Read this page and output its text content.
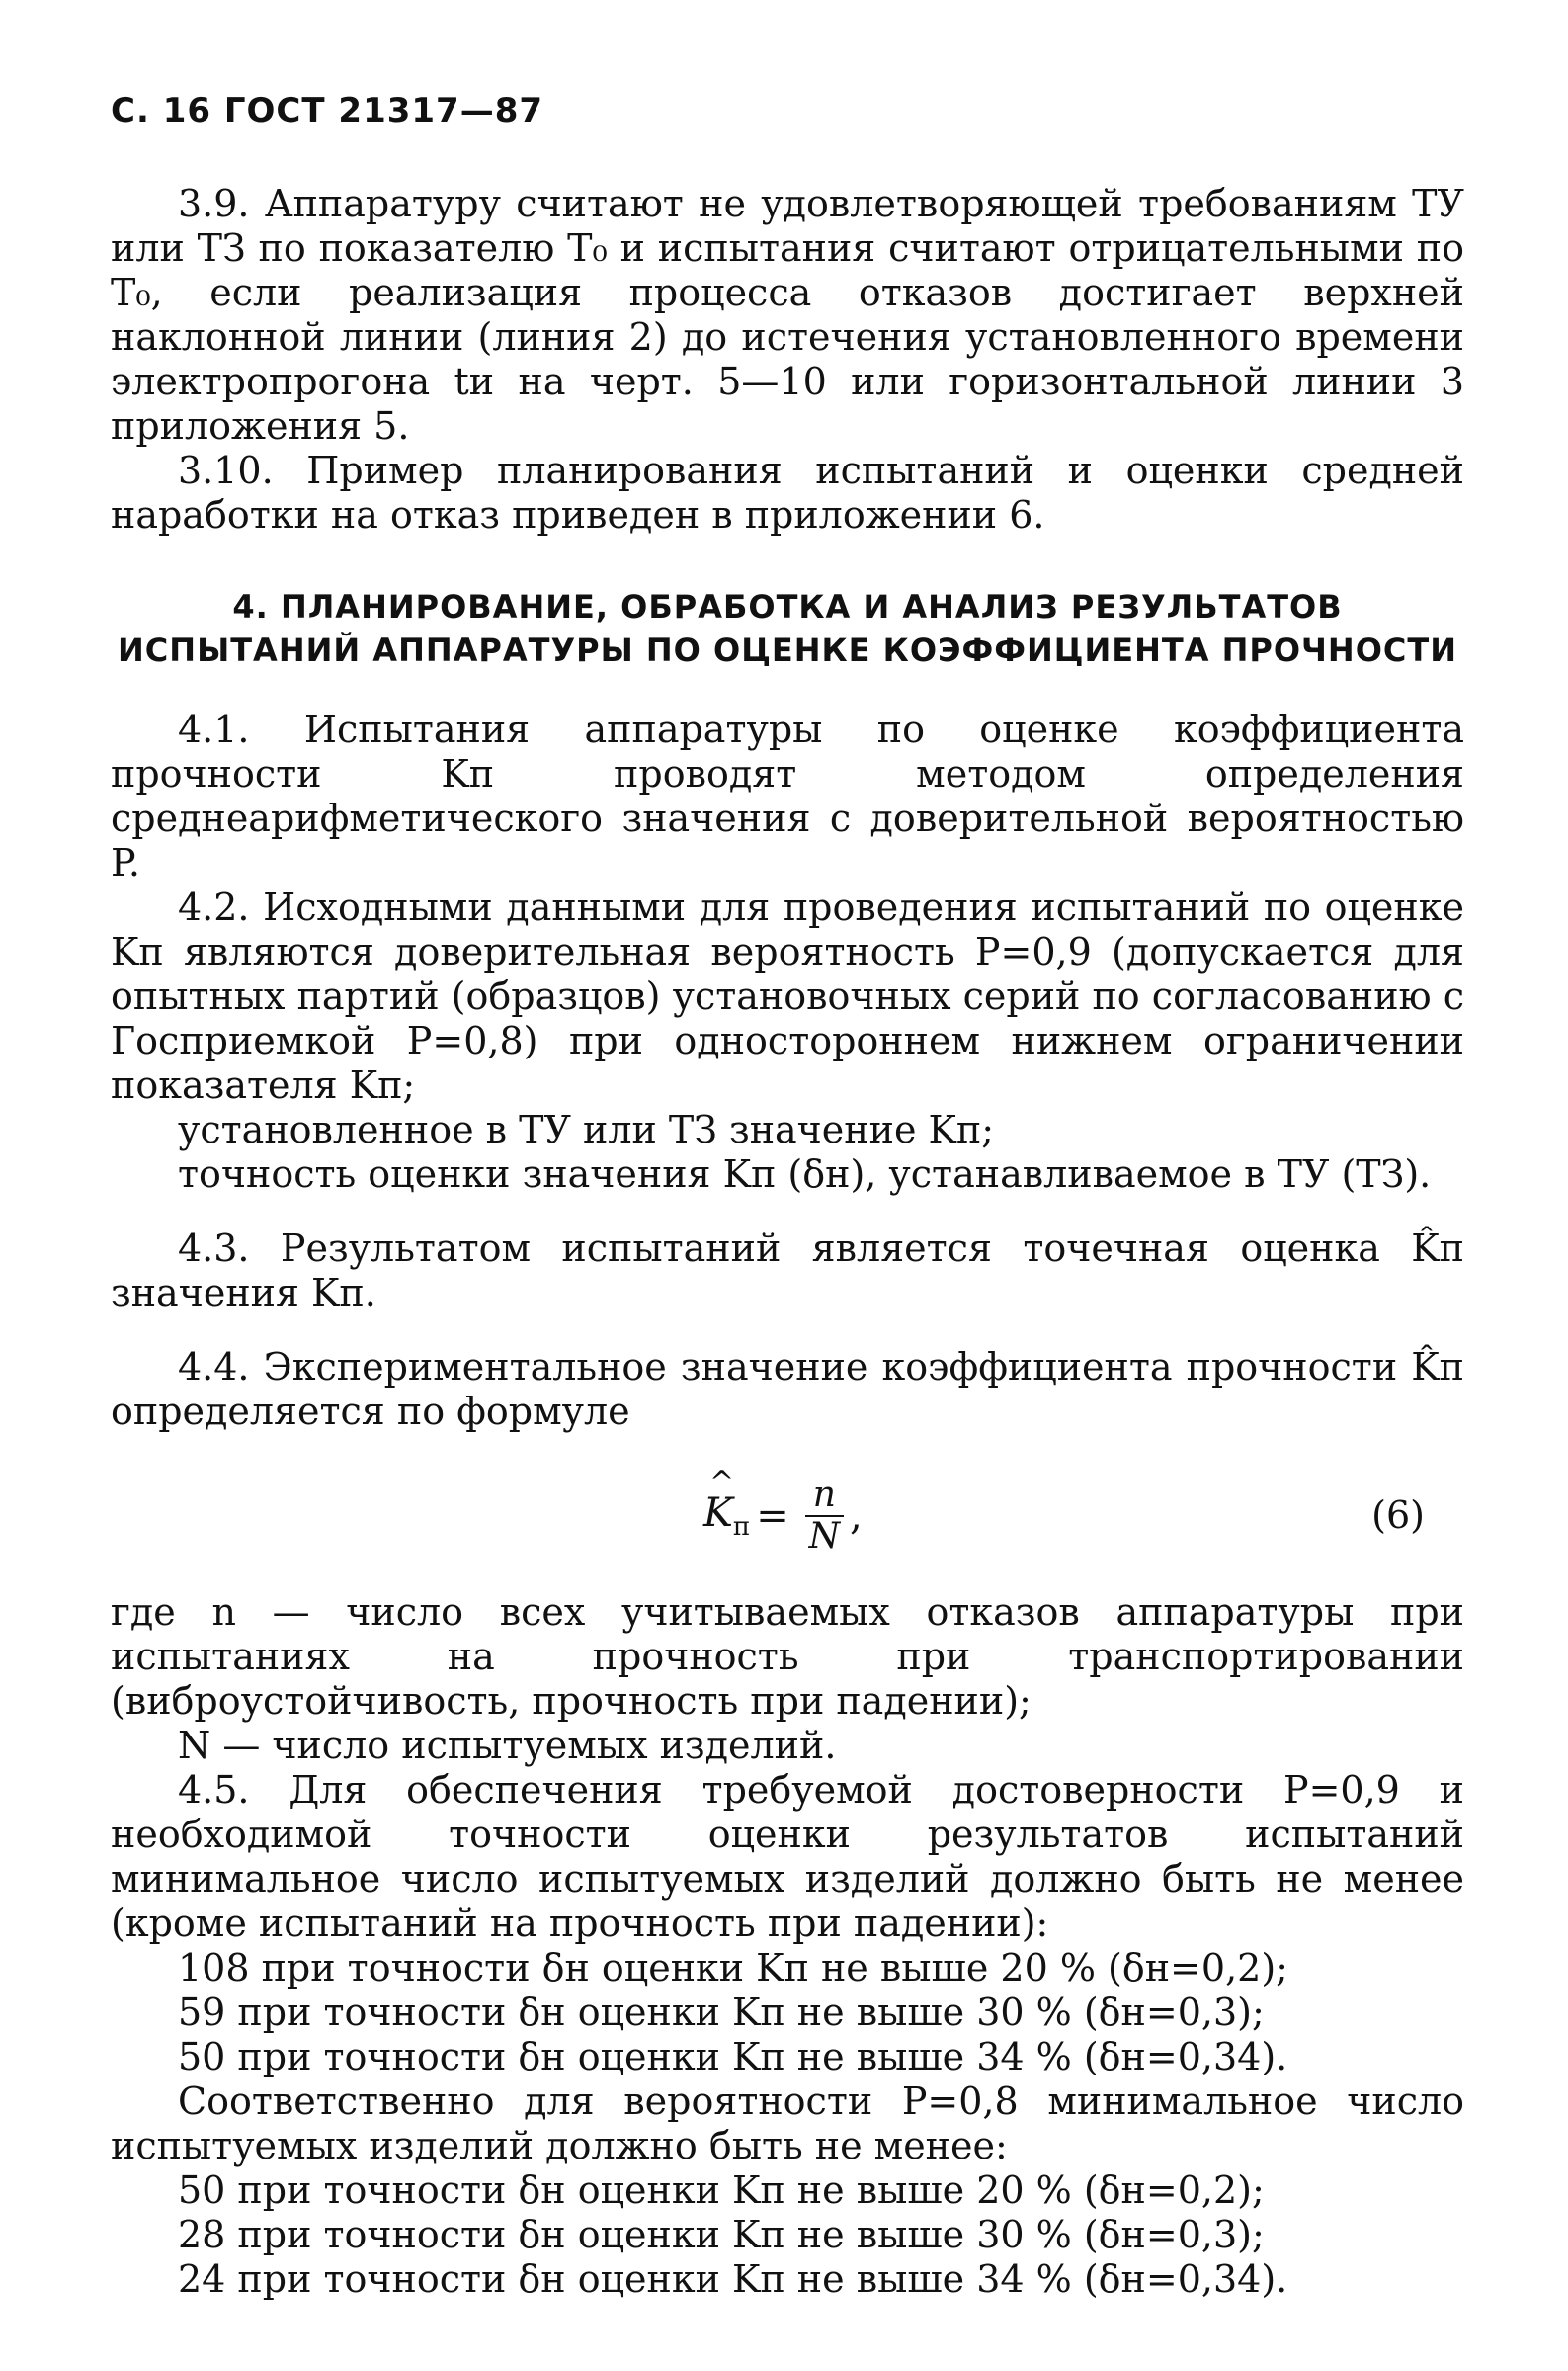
С. 16 ГОСТ 21317—87

3.9. Аппаратуру считают не удовлетворяющей требованиям ТУ или ТЗ по показателю T₀ и испытания считают отрицательными по T₀, если реализация процесса отказов достигает верхней наклонной линии (линия 2) до истечения установленного времени электропрогона tи на черт. 5—10 или горизонтальной линии 3 приложения 5.

3.10. Пример планирования испытаний и оценки средней наработки на отказ приведен в приложении 6.

4. ПЛАНИРОВАНИЕ, ОБРАБОТКА И АНАЛИЗ РЕЗУЛЬТАТОВ ИСПЫТАНИЙ АППАРАТУРЫ ПО ОЦЕНКЕ КОЭФФИЦИЕНТА ПРОЧНОСТИ

4.1. Испытания аппаратуры по оценке коэффициента прочности Kп проводят методом определения среднеарифметического значения с доверительной вероятностью P.

4.2. Исходными данными для проведения испытаний по оценке Kп являются доверительная вероятность P=0,9 (допускается для опытных партий (образцов) установочных серий по согласованию с Госприемкой P=0,8) при одностороннем нижнем ограничении показателя Kп;

установленное в ТУ или ТЗ значение Kп;

точность оценки значения Kп (δн), устанавливаемое в ТУ (ТЗ).

4.3. Результатом испытаний является точечная оценка K̂п значения Kп.

4.4. Экспериментальное значение коэффициента прочности K̂п определяется по формуле

^
$K_п = \frac{n}{N}$ ,	(6)

где n — число всех учитываемых отказов аппаратуры при испытаниях на прочность при транспортировании (виброустойчивость, прочность при падении);

N — число испытуемых изделий.

4.5. Для обеспечения требуемой достоверности P=0,9 и необходимой точности оценки результатов испытаний минимальное число испытуемых изделий должно быть не менее (кроме испытаний на прочность при падении):

108 при точности δн оценки Kп не выше 20 % (δн=0,2);

59 при точности δн оценки Kп не выше 30 % (δн=0,3);

50 при точности δн оценки Kп не выше 34 % (δн=0,34).

Соответственно для вероятности P=0,8 минимальное число испытуемых изделий должно быть не менее:

50 при точности δн оценки Kп не выше 20 % (δн=0,2);

28 при точности δн оценки Kп не выше 30 % (δн=0,3);

24 при точности δн оценки Kп не выше 34 % (δн=0,34).
